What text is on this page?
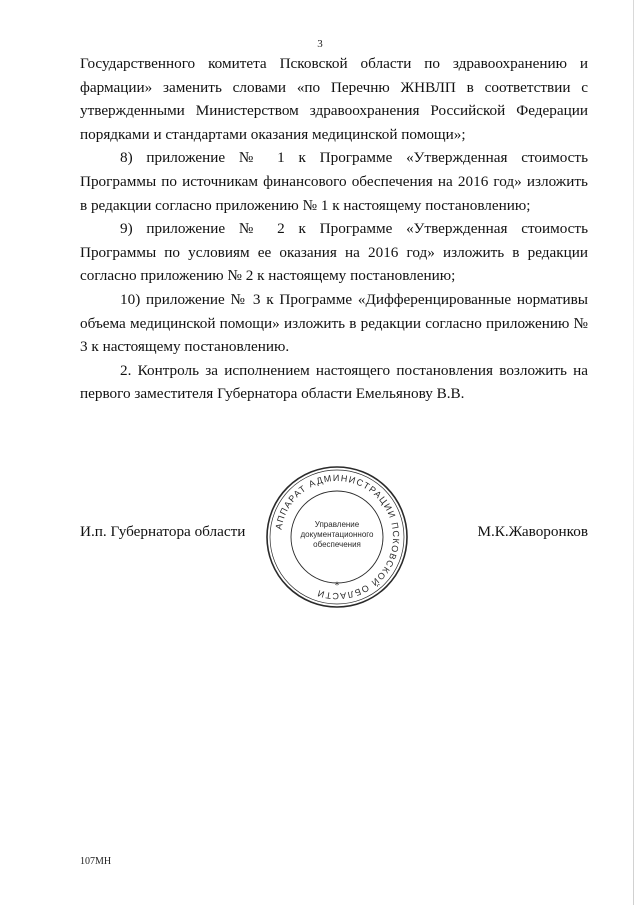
3

Государственного комитета Псковской области по здравоохранению и фармации» заменить словами «по Перечню ЖНВЛП в соответствии с утвержденными Министерством здравоохранения Российской Федерации порядками и стандартами оказания медицинской помощи»;

8) приложение № 1 к Программе «Утвержденная стоимость Программы по источникам финансового обеспечения на 2016 год» изложить в редакции согласно приложению № 1 к настоящему постановлению;

9) приложение № 2 к Программе «Утвержденная стоимость Программы по условиям ее оказания на 2016 год» изложить в редакции согласно приложению № 2 к настоящему постановлению;

10) приложение № 3 к Программе «Дифференцированные нормативы объема медицинской помощи» изложить в редакции согласно приложению № 3 к настоящему постановлению.

2. Контроль за исполнением настоящего постановления возложить на первого заместителя Губернатора области Емельянову В.В.

И.п. Губернатора области	АППАРАТ АДМИНИСТРАЦИИ ПСКОВСКОЙ ОБЛАСТИ
Управление
документационного
обеспечения
*
М.К.Жаворонков
107МН
